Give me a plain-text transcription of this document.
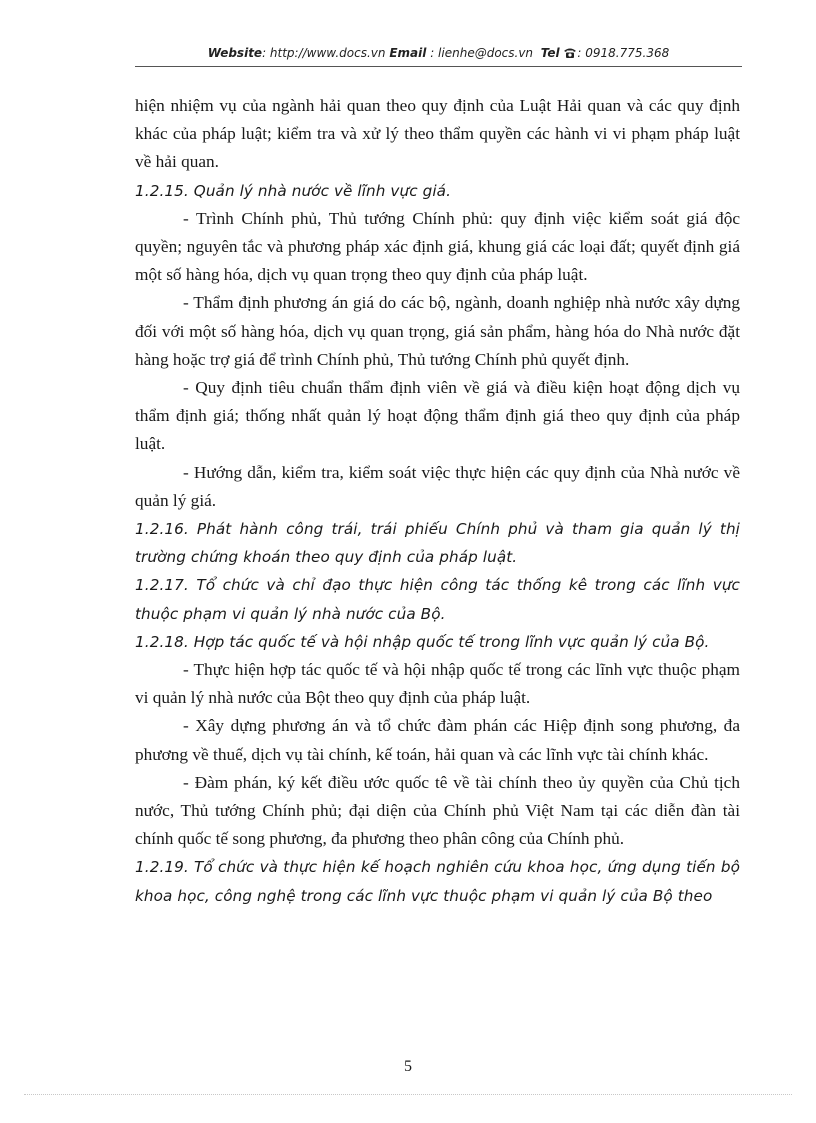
Website: http://www.docs.vn Email : lienhe@docs.vn Tel : 0918.775.368

hiện nhiệm vụ của ngành hải quan theo quy định của Luật Hải quan và các quy định khác của pháp luật; kiểm tra và xử lý theo thẩm quyền các hành vi vi phạm pháp luật về hải quan.

1.2.15. Quản lý nhà nước về lĩnh vực giá.

- Trình Chính phủ, Thủ tướng Chính phủ: quy định việc kiểm soát giá độc quyền; nguyên tắc và phương pháp xác định giá, khung giá các loại đất; quyết định giá một số hàng hóa, dịch vụ quan trọng theo quy định của pháp luật.

- Thẩm định phương án giá do các bộ, ngành, doanh nghiệp nhà nước xây dựng đối với một số hàng hóa, dịch vụ quan trọng, giá sản phẩm, hàng hóa do Nhà nước đặt hàng hoặc trợ giá để trình Chính phủ, Thủ tướng Chính phủ quyết định.

- Quy định tiêu chuẩn thẩm định viên về giá và điều kiện hoạt động dịch vụ thẩm định giá; thống nhất quản lý hoạt động thẩm định giá theo quy định của pháp luật.

- Hướng dẫn, kiểm tra, kiểm soát việc thực hiện các quy định của Nhà nước về quản lý giá.

1.2.16. Phát hành công trái, trái phiếu Chính phủ và tham gia quản lý thị trường chứng khoán theo quy định của pháp luật.

1.2.17. Tổ chức và chỉ đạo thực hiện công tác thống kê trong các lĩnh vực thuộc phạm vi quản lý nhà nước của Bộ.

1.2.18. Hợp tác quốc tế và hội nhập quốc tế trong lĩnh vực quản lý của Bộ.

- Thực hiện hợp tác quốc tế và hội nhập quốc tế trong các lĩnh vực thuộc phạm vi quản lý nhà nước của Bột theo quy định của pháp luật.

- Xây dựng phương án và tổ chức đàm phán các Hiệp định song phương, đa phương về thuế, dịch vụ tài chính, kế toán, hải quan và các lĩnh vực tài chính khác.

- Đàm phán, ký kết điều ước quốc tê về tài chính theo ủy quyền của Chủ tịch nước, Thủ tướng Chính phủ; đại diện của Chính phủ Việt Nam tại các diễn đàn tài chính quốc tế song phương, đa phương theo phân công của Chính phủ.

1.2.19. Tổ chức và thực hiện kế hoạch nghiên cứu khoa học, ứng dụng tiến bộ khoa học, công nghệ trong các lĩnh vực thuộc phạm vi quản lý của Bộ theo

5
